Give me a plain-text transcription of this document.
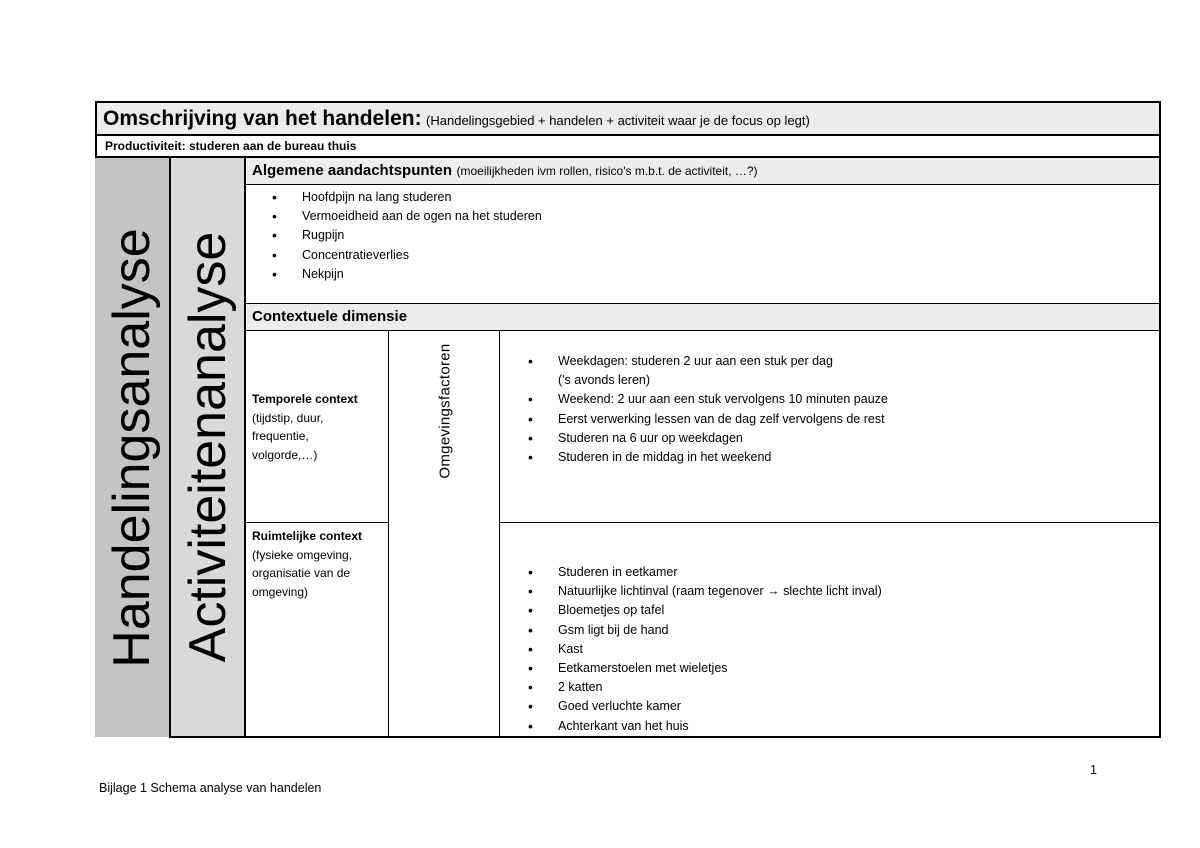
Omschrijving van het handelen: (Handelingsgebied + handelen + activiteit waar je de focus op legt)
Productiviteit: studeren aan de bureau thuis
Handelingsanalyse Activiteitenanalyse
Algemene aandachtspunten (moeilijkheden ivm rollen, risico's m.b.t. de activiteit, …?)
• Hoofdpijn na lang studeren
• Vermoeidheid aan de ogen na het studeren
• Rugpijn
• Concentratieverlies
• Nekpijn
Contextuele dimensie
Temporele context
(tijdstip, duur,
frequentie,
volgorde,…)
Ruimtelijke context
(fysieke omgeving,
organisatie van de
omgeving)
Omgevingsfactoren
•	Weekdagen: studeren 2 uur aan een stuk per dag
('s avonds leren)
• Weekend: 2 uur aan een stuk vervolgens 10 minuten pauze
• Eerst verwerking lessen van de dag zelf vervolgens de rest
• Studeren na 6 uur op weekdagen
• Studeren in de middag in het weekend
• Studeren in eetkamer
• Natuurlijke lichtinval (raam tegenover → slechte licht inval)
• Bloemetjes op tafel
• Gsm ligt bij de hand
• Kast
• Eetkamerstoelen met wieletjes
• 2 katten
• Goed verluchte kamer
• Achterkant van het huis
1
Bijlage 1 Schema analyse van handelen
